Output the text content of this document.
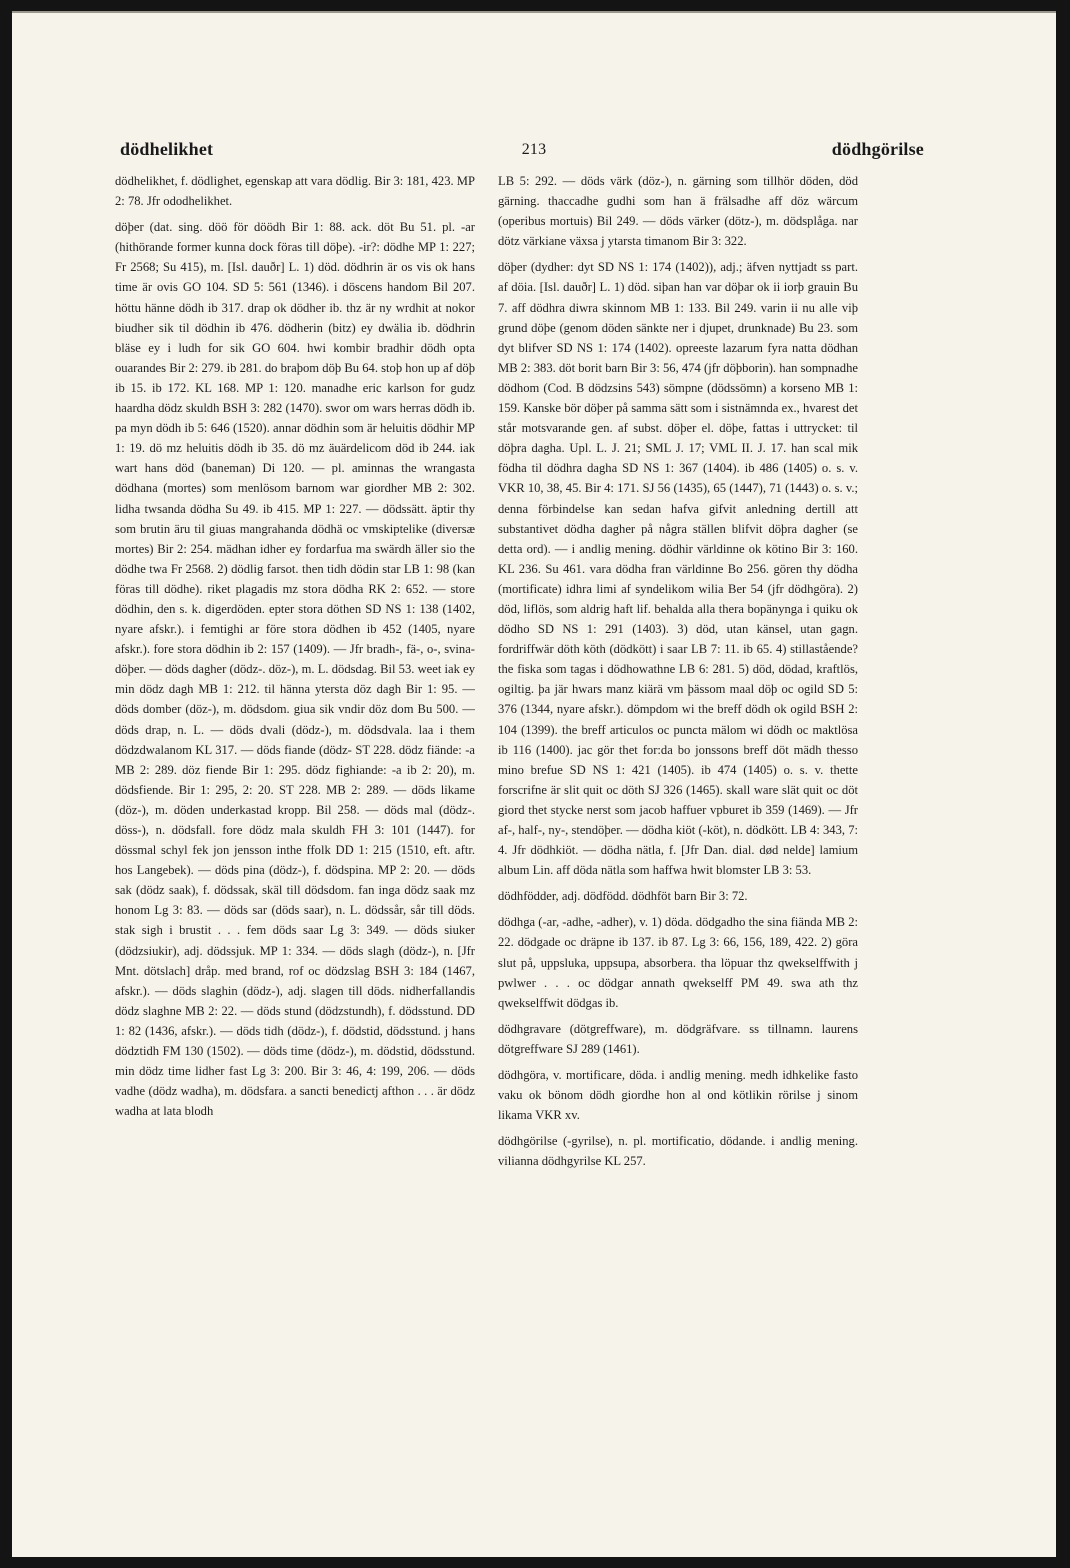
dödhelikhet	213	dödhgörilse

dödhelikhet, f. dödlighet, egenskap att vara dödlig. Bir 3: 181, 423. MP 2: 78. Jfr ododhelikhet.

döþer (dat. sing. döö för döödh Bir 1: 88. ack. döt Bu 51. pl. -ar (hithörande former kunna dock föras till döþe). -ir?: dödhe MP 1: 227; Fr 2568; Su 415), m. [Isl. dauðr] L. 1) död. dödhrin är os vis ok hans time är ovis GO 104. SD 5: 561 (1346). i döscens handom Bil 207. höttu hänne dödh ib 317. drap ok dödher ib. thz är ny wrdhit at nokor biudher sik til dödhin ib 476. dödherin (bitz) ey dwälia ib. dödhrin bläse ey i ludh for sik GO 604. hwi kombir bradhir dödh opta ouarandes Bir 2: 279. ib 281. do braþom döþ Bu 64. stoþ hon up af döþ ib 15. ib 172. KL 168. MP 1: 120. manadhe eric karlson for gudz haardha dödz skuldh BSH 3: 282 (1470). swor om wars herras dödh ib. pa myn dödh ib 5: 646 (1520). annar dödhin som är heluitis dödhir MP 1: 19. dö mz heluitis dödh ib 35. dö mz äuärdelicom död ib 244. iak wart hans död (baneman) Di 120. — pl. aminnas the wrangasta dödhana (mortes) som menlösom barnom war giordher MB 2: 302. lidha twsanda dödha Su 49. ib 415. MP 1: 227. — dödssätt. äptir thy som brutin äru til giuas mangrahanda dödhä oc vmskiptelike (diversæ mortes) Bir 2: 254. mädhan idher ey fordarfua ma swärdh äller sio the dödhe twa Fr 2568. 2) dödlig farsot. then tidh dödin star LB 1: 98 (kan föras till dödhe). riket plagadis mz stora dödha RK 2: 652. — store dödhin, den s. k. digerdöden. epter stora döthen SD NS 1: 138 (1402, nyare afskr.). i femtighi ar före stora dödhen ib 452 (1405, nyare afskr.). fore stora dödhin ib 2: 157 (1409). — Jfr bradh-, fä-, o-, svina-döþer. — döds dagher (dödz-. döz-), m. L. dödsdag. Bil 53. weet iak ey min dödz dagh MB 1: 212. til hänna ytersta döz dagh Bir 1: 95. — döds domber (döz-), m. dödsdom. giua sik vndir döz dom Bu 500. — döds drap, n. L. — döds dvali (dödz-), m. dödsdvala. laa i them dödzdwalanom KL 317. — döds fiande (dödz- ST 228. dödz fiände: -a MB 2: 289. döz fiende Bir 1: 295. dödz fighiande: -a ib 2: 20), m. dödsfiende. Bir 1: 295, 2: 20. ST 228. MB 2: 289. — döds likame (döz-), m. döden underkastad kropp. Bil 258. — döds mal (dödz-. döss-), n. dödsfall. fore dödz mala skuldh FH 3: 101 (1447). for dössmal schyl fek jon jensson inthe ffolk DD 1: 215 (1510, eft. aftr. hos Langebek). — döds pina (dödz-), f. dödspina. MP 2: 20. — döds sak (dödz saak), f. dödssak, skäl till dödsdom. fan inga dödz saak mz honom Lg 3: 83. — döds sar (döds saar), n. L. dödssår, sår till döds. stak sigh i brustit . . . fem döds saar Lg 3: 349. — döds siuker (dödzsiukir), adj. dödssjuk. MP 1: 334. — döds slagh (dödz-), n. [Jfr Mnt. dötslach] dråp. med brand, rof oc dödzslag BSH 3: 184 (1467, afskr.). — döds slaghin (dödz-), adj. slagen till döds. nidherfallandis dödz slaghne MB 2: 22. — döds stund (dödzstundh), f. dödsstund. DD 1: 82 (1436, afskr.). — döds tidh (dödz-), f. dödstid, dödsstund. j hans dödztidh FM 130 (1502). — döds time (dödz-), m. dödstid, dödsstund. min dödz time lidher fast Lg 3: 200. Bir 3: 46, 4: 199, 206. — döds vadhe (dödz wadha), m. dödsfara. a sancti benedictj afthon . . . är dödz wadha at lata blodh

LB 5: 292. — döds värk (döz-), n. gärning som tillhör döden, död gärning. thaccadhe gudhi som han ä frälsadhe aff döz wärcum (operibus mortuis) Bil 249. — döds värker (dötz-), m. dödsplåga. nar dötz värkiane växsa j ytarsta timanom Bir 3: 322.

döþer (dydher: dyt SD NS 1: 174 (1402)), adj.; äfven nyttjadt ss part. af döia. [Isl. dauðr] L. 1) död. siþan han var döþar ok ii iorþ grauin Bu 7. aff dödhra diwra skinnom MB 1: 133. Bil 249. varin ii nu alle viþ grund döþe (genom döden sänkte ner i djupet, drunknade) Bu 23. som dyt blifver SD NS 1: 174 (1402). opreeste lazarum fyra natta dödhan MB 2: 383. döt borit barn Bir 3: 56, 474 (jfr döþborin). han sompnadhe dödhom (Cod. B dödzsins 543) sömpne (dödssömn) a korseno MB 1: 159. Kanske bör döþer på samma sätt som i sistnämnda ex., hvarest det står motsvarande gen. af subst. döþer el. döþe, fattas i uttrycket: til döþra dagha. Upl. L. J. 21; SML J. 17; VML II. J. 17. han scal mik födha til dödhra dagha SD NS 1: 367 (1404). ib 486 (1405) o. s. v. VKR 10, 38, 45. Bir 4: 171. SJ 56 (1435), 65 (1447), 71 (1443) o. s. v.; denna förbindelse kan sedan hafva gifvit anledning dertill att substantivet dödha dagher på några ställen blifvit döþra dagher (se detta ord). — i andlig mening. dödhir världinne ok kötino Bir 3: 160. KL 236. Su 461. vara dödha fran världinne Bo 256. gören thy dödha (mortificate) idhra limi af syndelikom wilia Ber 54 (jfr dödhgöra). 2) död, liflös, som aldrig haft lif. behalda alla thera bopänynga i quiku ok dödho SD NS 1: 291 (1403). 3) död, utan känsel, utan gagn. fordriffwär döth köth (dödkött) i saar LB 7: 11. ib 65. 4) stillastående? the fiska som tagas i dödhowathne LB 6: 281. 5) död, dödad, kraftlös, ogiltig. þa jär hwars manz kiärä vm þässom maal döþ oc ogild SD 5: 376 (1344, nyare afskr.). dömpdom wi the breff dödh ok ogild BSH 2: 104 (1399). the breff articulos oc puncta mälom wi dödh oc maktlösa ib 116 (1400). jac gör thet for:da bo jonssons breff döt mädh thesso mino brefue SD NS 1: 421 (1405). ib 474 (1405) o. s. v. thette forscrifne är slit quit oc döth SJ 326 (1465). skall ware slät quit oc döt giord thet stycke nerst som jacob haffuer vpburet ib 359 (1469). — Jfr af-, half-, ny-, stendöþer. — dödha kiöt (-köt), n. dödkött. LB 4: 343, 7: 4. Jfr dödhkiöt. — dödha nätla, f. [Jfr Dan. dial. død nelde] lamium album Lin. aff döda nätla som haffwa hwit blomster LB 3: 53.

dödhfödder, adj. dödfödd. dödhföt barn Bir 3: 72.

dödhga (-ar, -adhe, -adher), v. 1) döda. dödgadho the sina fiända MB 2: 22. dödgade oc dräpne ib 137. ib 87. Lg 3: 66, 156, 189, 422. 2) göra slut på, uppsluka, uppsupa, absorbera. tha löpuar thz qwekselffwith j pwlwer . . . oc dödgar annath qwekselff PM 49. swa ath thz qwekselffwit dödgas ib.

dödhgravare (dötgreffware), m. dödgräfvare. ss tillnamn. laurens dötgreffware SJ 289 (1461).

dödhgöra, v. mortificare, döda. i andlig mening. medh idhkelike fasto vaku ok bönom dödh giordhe hon al ond kötlikin rörilse j sinom likama VKR xv.

dödhgörilse (-gyrilse), n. pl. mortificatio, dödande. i andlig mening. vilianna dödhgyrilse KL 257.
